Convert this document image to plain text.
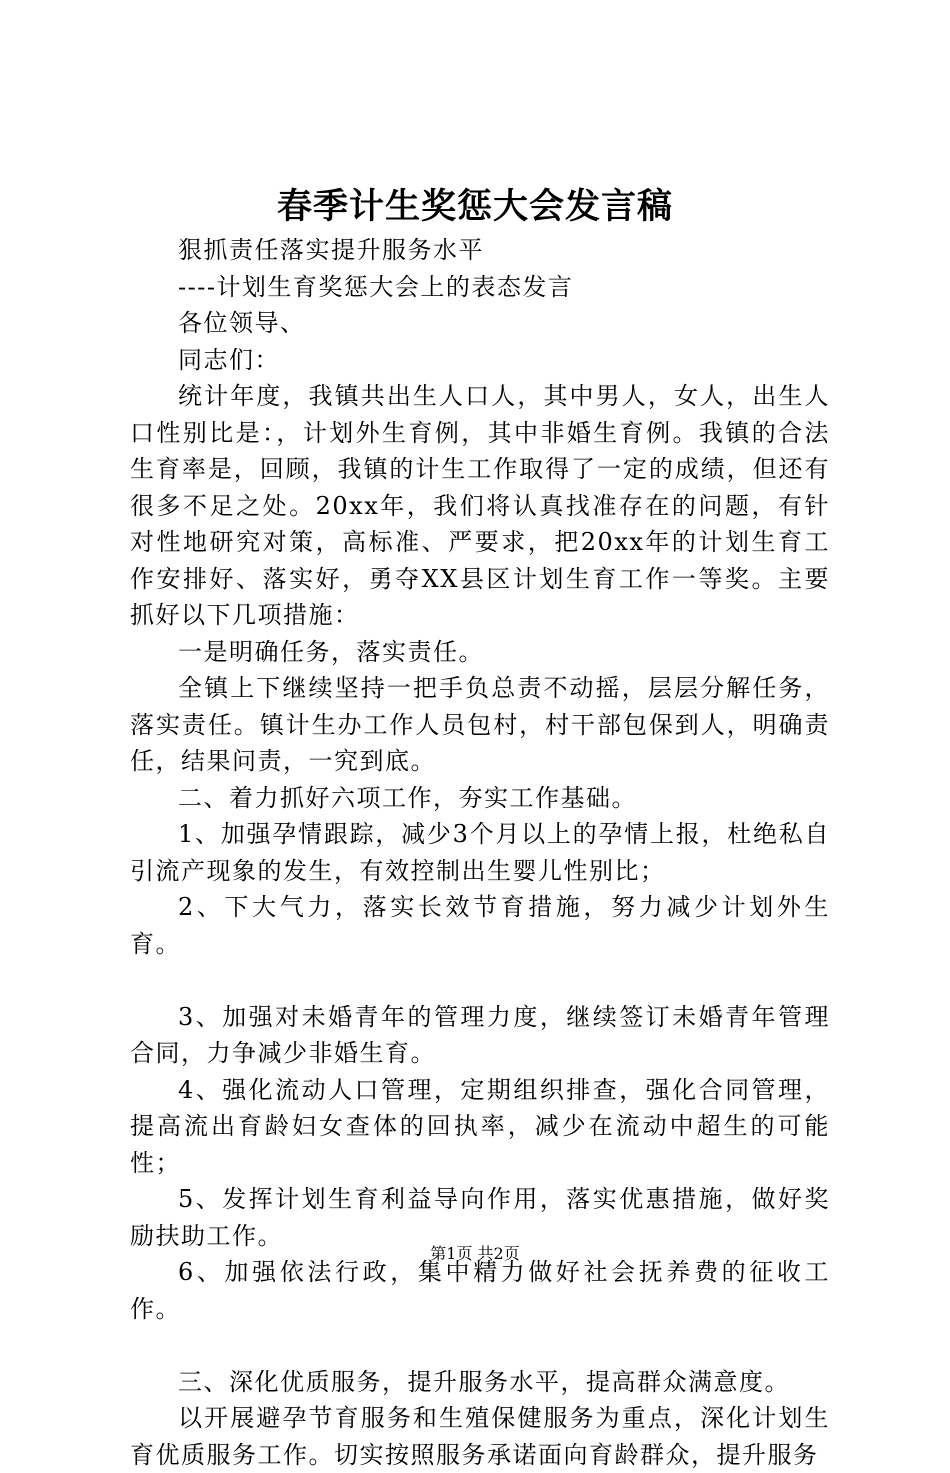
春季计生奖惩大会发言稿

狠抓责任落实提升服务水平

----计划生育奖惩大会上的表态发言

各位领导、

同志们：

统计年度，我镇共出生人口人，其中男人，女人，出生人口性别比是：，计划外生育例，其中非婚生育例。我镇的合法生育率是，回顾，我镇的计生工作取得了一定的成绩，但还有很多不足之处。20xx年，我们将认真找准存在的问题，有针对性地研究对策，高标准、严要求，把20xx年的计划生育工作安排好、落实好，勇夺XX县区计划生育工作一等奖。主要抓好以下几项措施：

一是明确任务，落实责任。

全镇上下继续坚持一把手负总责不动摇，层层分解任务，落实责任。镇计生办工作人员包村，村干部包保到人，明确责任，结果问责，一究到底。

二、着力抓好六项工作，夯实工作基础。

1、加强孕情跟踪，减少3个月以上的孕情上报，杜绝私自引流产现象的发生，有效控制出生婴儿性别比；

2、下大气力，落实长效节育措施，努力减少计划外生育。

3、加强对未婚青年的管理力度，继续签订未婚青年管理合同，力争减少非婚生育。

4、强化流动人口管理，定期组织排查，强化合同管理，提高流出育龄妇女查体的回执率，减少在流动中超生的可能性；

5、发挥计划生育利益导向作用，落实优惠措施，做好奖励扶助工作。

6、加强依法行政，集中精力做好社会抚养费的征收工作。

三、深化优质服务，提升服务水平，提高群众满意度。

以开展避孕节育服务和生殖保健服务为重点，深化计划生育优质服务工作。切实按照服务承诺面向育龄群众，提升服务

第1页 共2页
